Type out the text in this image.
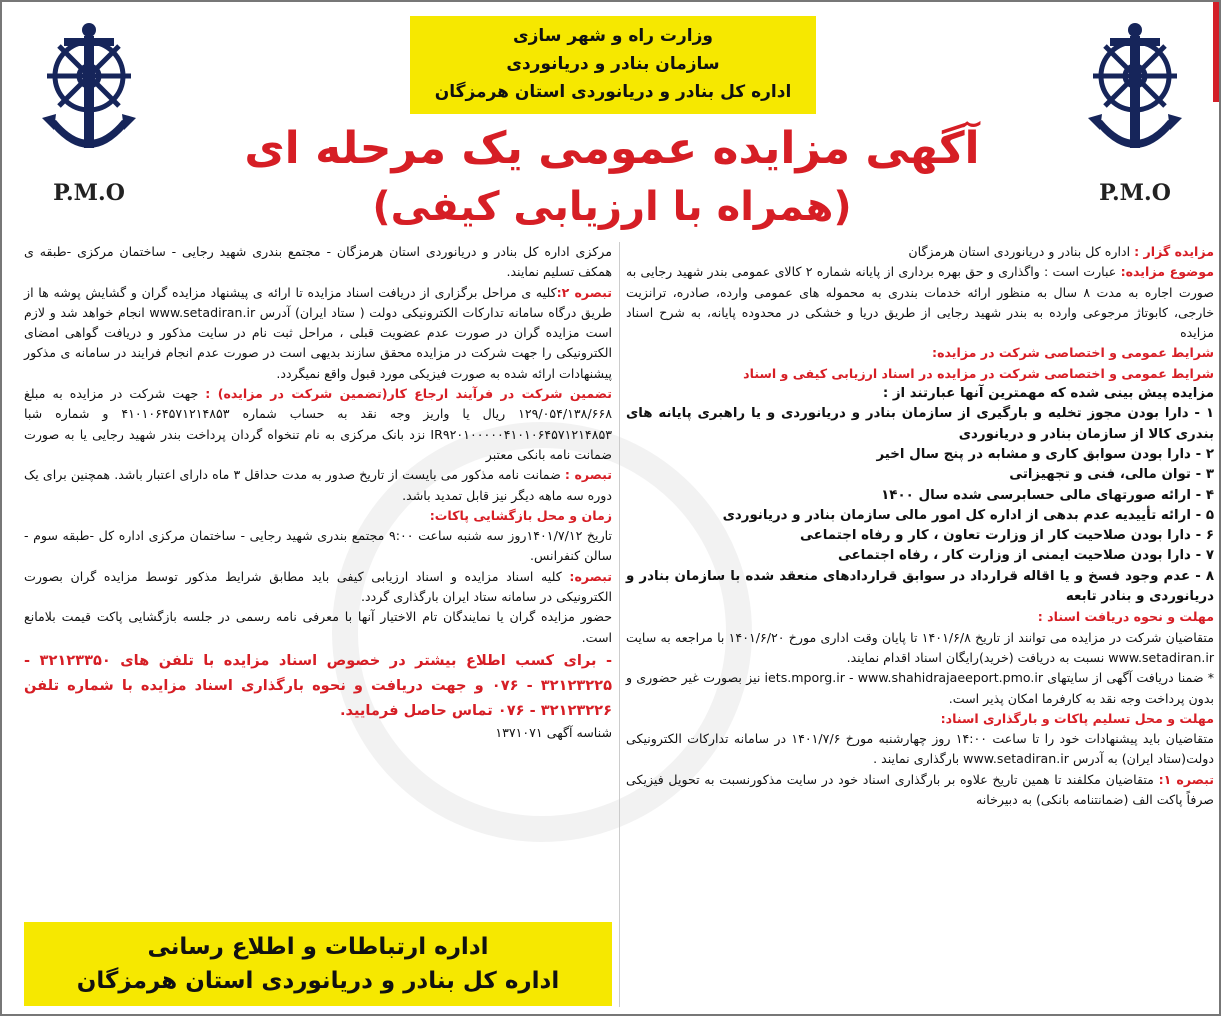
P.M.O	P.M.O
وزارت راه و شهر سازی
سازمان بنادر و دریانوردی
اداره کل بنادر و دریانوردی استان هرمزگان
آگهی مزایده عمومی یک مرحله ای
(همراه با ارزیابی کیفی)

مزایده گزار : اداره کل بنادر و دریانوردی استان هرمزگان

موضوع مزایده: عبارت است : واگذاری و حق بهره برداری از پایانه شماره ۲ کالای عمومی بندر شهید رجایی به صورت اجاره به مدت ۸ سال به منظور ارائه خدمات بندری به محموله های عمومی وارده، صادره، ترانزیت خارجی، کابوتاژ مرجوعی وارده به بندر شهید رجایی از طریق دریا و خشکی در محدوده پایانه، به شرح اسناد مزایده

شرایط عمومی و اختصاصی شرکت در مزایده:

شرایط عمومی و اختصاصی شرکت در مزایده در اسناد ارزیابی کیفی و اسناد

مزایده پیش بینی شده که مهمترین آنها عبارتند از :

۱ - دارا بودن مجوز تخلیه و بارگیری از سازمان بنادر و دریانوردی و یا راهبری پایانه های بندری کالا از سازمان بنادر و دریانوردی

۲ - دارا بودن سوابق کاری و مشابه در پنج سال اخیر

۳ - توان مالی، فنی و تجهیزاتی

۴ - ارائه صورتهای مالی حسابرسی شده سال ۱۴۰۰

۵ - ارائه تأییدیه عدم بدهی از اداره کل امور مالی سازمان بنادر و دریانوردی

۶ - دارا بودن صلاحیت کار از وزارت تعاون ، کار و رفاه اجتماعی

۷ - دارا بودن صلاحیت ایمنی از وزارت کار ، رفاه اجتماعی

۸ - عدم وجود فسخ و یا اقاله قرارداد در سوابق قراردادهای منعقد شده با سازمان بنادر و دریانوردی و بنادر تابعه

مهلت و نحوه دریافت اسناد :

متقاضیان شرکت در مزایده می توانند از تاریخ ۱۴۰۱/۶/۸ تا پایان وقت اداری مورخ ۱۴۰۱/۶/۲۰ با مراجعه به سایت www.setadiran.ir نسبت به دریافت (خرید)رایگان اسناد اقدام نمایند.

* ضمنا دریافت آگهی از سایتهای iets.mporg.ir - www.shahidrajaeeport.pmo.ir نیز بصورت غیر حضوری و بدون پرداخت وجه نقد به کارفرما امکان پذیر است.

مهلت و محل تسلیم پاکات و بارگذاری اسناد:

متقاضیان باید پیشنهادات خود را تا ساعت ۱۴:۰۰ روز چهارشنبه مورخ ۱۴۰۱/۷/۶ در سامانه تدارکات الکترونیکی دولت(ستاد ایران) به آدرس www.setadiran.ir بارگذاری نمایند .

تبصره ۱: متقاضیان مکلفند تا همین تاریخ علاوه بر بارگذاری اسناد خود در سایت مذکورنسبت به تحویل فیزیکی صرفاً پاکت الف (ضمانتنامه بانکی) به دبیرخانه

مرکزی اداره کل بنادر و دریانوردی استان هرمزگان - مجتمع بندری شهید رجایی - ساختمان مرکزی -طبقه ی همکف تسلیم نمایند.

تبصره ۲:کلیه ی مراحل برگزاری از دریافت اسناد مزایده تا ارائه ی پیشنهاد مزایده گران و گشایش پوشه ها از طریق درگاه سامانه تدارکات الکترونیکی دولت ( ستاد ایران) آدرس www.setadiran.ir انجام خواهد شد و لازم است مزایده گران در صورت عدم عضویت قبلی ، مراحل ثبت نام در سایت مذکور و دریافت گواهی امضای الکترونیکی را جهت شرکت در مزایده محقق سازند بدیهی است در صورت عدم انجام فرایند در سامانه ی مذکور پیشنهادات ارائه شده به صورت فیزیکی مورد قبول واقع نمیگردد.

تضمین شرکت در فرآیند ارجاع کار(تضمین شرکت در مزایده) : جهت شرکت در مزایده به مبلغ ۱۲۹/۰۵۴/۱۳۸/۶۶۸ ریال یا واریز وجه نقد به حساب شماره ۴۱۰۱۰۶۴۵۷۱۲۱۴۸۵۳ و شماره شبا IR۹۲۰۱۰۰۰۰۰۴۱۰۱۰۶۴۵۷۱۲۱۴۸۵۳ نزد بانک مرکزی به نام تنخواه گردان پرداخت بندر شهید رجایی یا به صورت ضمانت نامه بانکی معتبر

تبصره : ضمانت نامه مذکور می بایست از تاریخ صدور به مدت حداقل ۳ ماه دارای اعتبار باشد. همچنین برای یک دوره سه ماهه دیگر نیز قابل تمدید باشد.

زمان و محل بازگشایی پاکات:

تاریخ ۱۴۰۱/۷/۱۲روز سه شنبه ساعت ۹:۰۰ مجتمع بندری شهید رجایی - ساختمان مرکزی اداره کل -طبقه سوم - سالن کنفرانس.

تبصره: کلیه اسناد مزایده و اسناد ارزیابی کیفی باید مطابق شرایط مذکور توسط مزایده گران بصورت الکترونیکی در سامانه ستاد ایران بارگذاری گردد.

حضور مزایده گران یا نمایندگان تام الاختیار آنها با معرفی نامه رسمی در جلسه بازگشایی پاکت قیمت بلامانع است.

- برای کسب اطلاع بیشتر در خصوص اسناد مزایده با تلفن های ۳۲۱۲۳۳۵۰ - ۳۲۱۲۳۲۲۵ - ۰۷۶ و جهت دریافت و نحوه بارگذاری اسناد مزایده با شماره تلفن ۳۲۱۲۳۲۲۶ - ۰۷۶ تماس حاصل فرمایید.

شناسه آگهی ۱۳۷۱۰۷۱

اداره ارتباطات و اطلاع رسانی
اداره کل بنادر و دریانوردی استان هرمزگان
